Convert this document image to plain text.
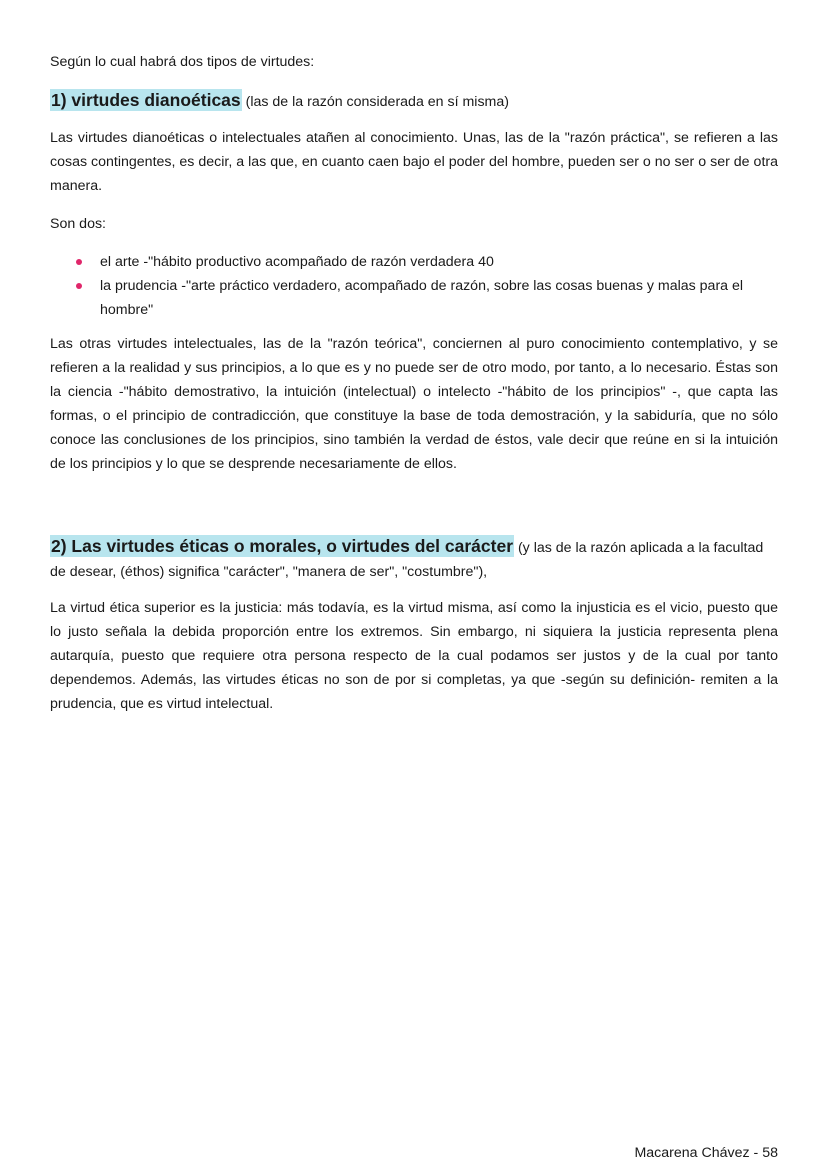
Según lo cual habrá dos tipos de virtudes:

1) virtudes dianoéticas (las de la razón considerada en sí misma)

Las virtudes dianoéticas o intelectuales atañen al conocimiento. Unas, las de la "razón práctica", se refieren a las cosas contingentes, es decir, a las que, en cuanto caen bajo el poder del hombre, pueden ser o no ser o ser de otra manera.

Son dos:

el arte -"hábito productivo acompañado de razón verdadera 40
la prudencia -"arte práctico verdadero, acompañado de razón, sobre las cosas buenas y malas para el hombre"

Las otras virtudes intelectuales, las de la "razón teórica", conciernen al puro conocimiento contemplativo, y se refieren a la realidad y sus principios, a lo que es y no puede ser de otro modo, por tanto, a lo necesario. Éstas son la ciencia -"hábito demostrativo, la intuición (intelectual) o intelecto -"hábito de los principios" -, que capta las formas, o el principio de contradicción, que constituye la base de toda demostración, y la sabiduría, que no sólo conoce las conclusiones de los principios, sino también la verdad de éstos, vale decir que reúne en si la intuición de los principios y lo que se desprende necesariamente de ellos.

2) Las virtudes éticas o morales, o virtudes del carácter (y las de la razón aplicada a la facultad de desear, (éthos) significa "carácter", "manera de ser", "costumbre"),

La virtud ética superior es la justicia: más todavía, es la virtud misma, así como la injusticia es el vicio, puesto que lo justo señala la debida proporción entre los extremos. Sin embargo, ni siquiera la justicia representa plena autarquía, puesto que requiere otra persona respecto de la cual podamos ser justos y de la cual por tanto dependemos. Además, las virtudes éticas no son de por si completas, ya que -según su definición- remiten a la prudencia, que es virtud intelectual.

Macarena Chávez - 58
